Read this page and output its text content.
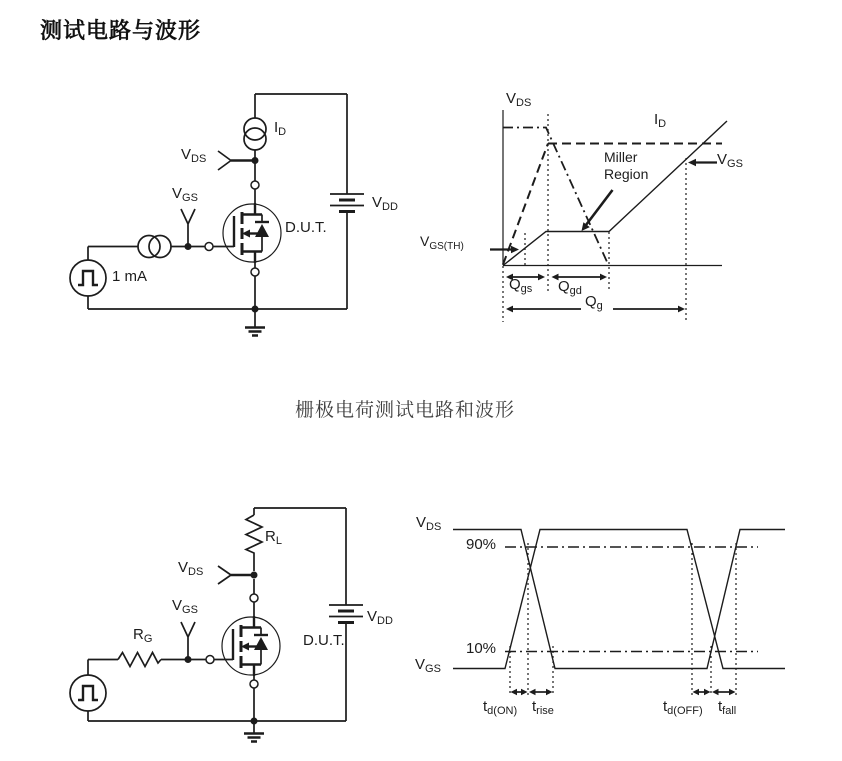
测试电路与波形
栅极电荷测试电路和波形
$I_D$
$V_{DS}$
$V_{GS}$
D.U.T.
$V_{DD}$
1 mA
$V_{DS}$
$I_D$
Miller
Region
$V_{GS}$
$V_{GS(TH)}$
$Q_{gs}$ $Q_{gd}$
$Q_g$
$R_L$
$V_{DS}$
$V_{GS}$
$R_G$	D.U.T.
$V_{DD}$
$V_{DS}$
90%
10%
$V_{GS}$
$t_{d(ON)}$ $t_{rise}$	$t_{d(OFF)}$ $t_{fall}$
